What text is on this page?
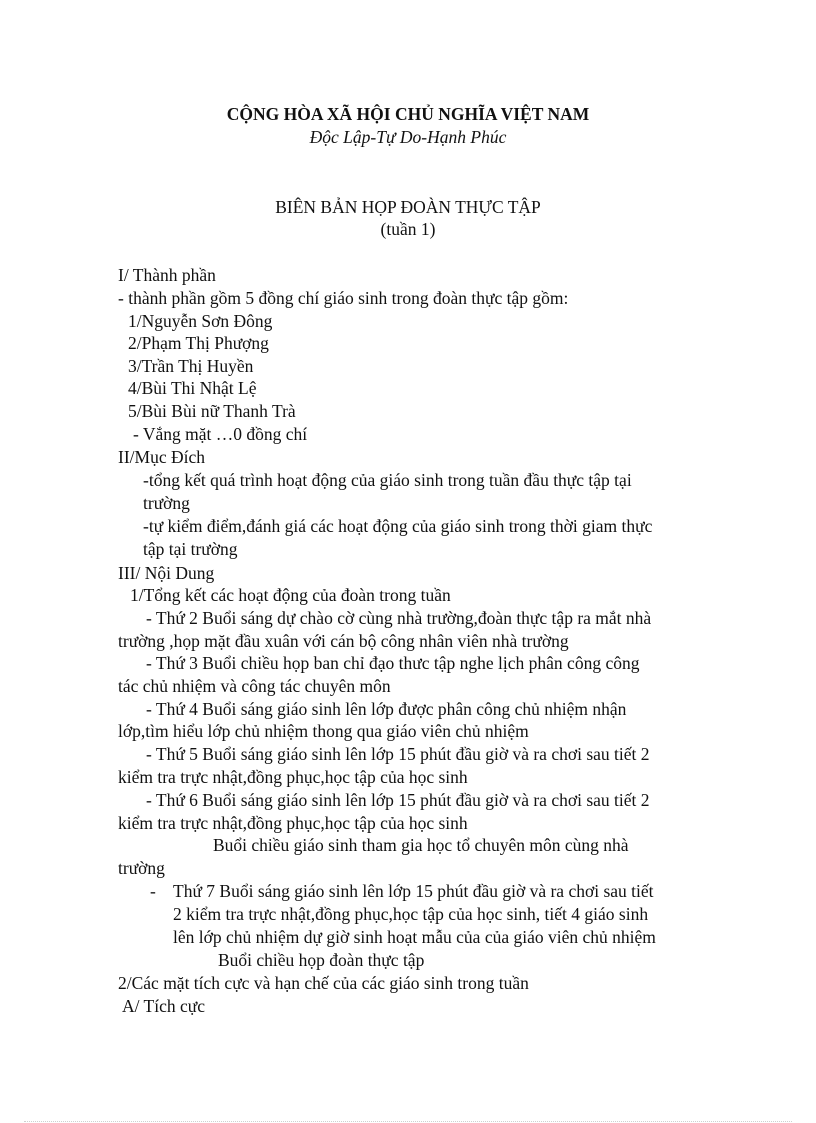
CỘNG HÒA XÃ HỘI CHỦ NGHĨA VIỆT NAM
Độc Lập-Tự Do-Hạnh Phúc
BIÊN BẢN HỌP ĐOÀN THỰC TẬP
(tuần 1)
I/ Thành phần
- thành phần gồm 5 đồng chí giáo sinh trong đoàn thực tập gồm:
1/Nguyễn Sơn Đông
2/Phạm Thị Phượng
3/Trần Thị Huyền
4/Bùi Thi Nhật Lệ
5/Bùi Bùi nữ Thanh Trà
- Vắng mặt …0 đồng chí
II/Mục Đích
-tổng kết quá trình hoạt động của giáo sinh trong tuần đầu thực tập tại
trường
-tự kiểm điểm,đánh giá các hoạt động của giáo sinh trong thời giam thực
tập tại trường
III/ Nội Dung
1/Tổng kết các hoạt động của đoàn trong tuần
- Thứ 2 Buổi sáng dự chào cờ cùng nhà trường,đoàn thực tập ra mắt nhà
trường ,họp mặt đầu xuân với cán bộ công nhân viên nhà trường
- Thứ 3 Buổi chiều họp ban chỉ đạo thưc tập nghe lịch phân công công
tác chủ nhiệm và công tác chuyên môn
- Thứ 4 Buổi sáng giáo sinh lên lớp được phân công chủ nhiệm nhận
lớp,tìm hiểu lớp chủ nhiệm thong qua giáo viên chủ nhiệm
- Thứ 5 Buổi sáng giáo sinh lên lớp 15 phút đầu giờ và ra chơi sau tiết 2
kiểm tra trực nhật,đồng phục,học tập của học sinh
- Thứ 6 Buổi sáng giáo sinh lên lớp 15 phút đầu giờ và ra chơi sau tiết 2
kiểm tra trực nhật,đồng phục,học tập của học sinh
Buổi chiều giáo sinh tham gia học tổ chuyên môn cùng nhà
trường
- Thứ 7 Buổi sáng giáo sinh lên lớp 15 phút đầu giờ và ra chơi sau tiết
2 kiểm tra trực nhật,đồng phục,học tập của học sinh, tiết 4 giáo sinh
lên lớp chủ nhiệm dự giờ sinh hoạt mẫu của của giáo viên chủ nhiệm
Buổi chiều họp đoàn thực tập
2/Các mặt tích cực và hạn chế của các giáo sinh trong tuần
A/ Tích cực
